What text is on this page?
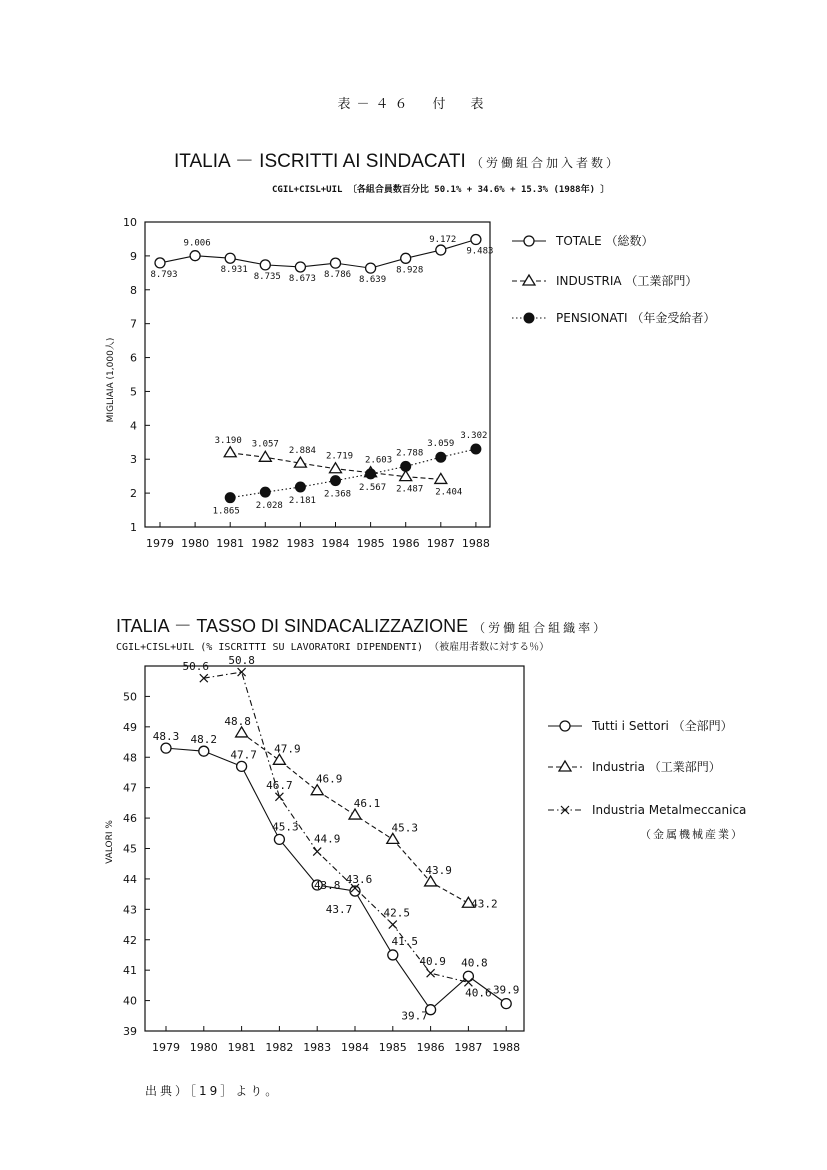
表－４６　付　表
ITALIA － ISCRITTI AI SINDACATI （労働組合加入者数）
CGIL+CISL+UIL 〔各組合員数百分比 50.1% + 34.6% + 15.3% (1988年) 〕
ITALIA － TASSO DI SINDACALIZZAZIONE （労働組合組織率）
CGIL+CISL+UIL (% ISCRITTI SU LAVORATORI DIPENDENTI) （被雇用者数に対する％）
1
2
3
4
5
6
7
8
9
10
1979 1980 1981 1982 1983 1984 1985 1986 1987 1988
MIGLIAIA (1,000人)
8.793
9.006
8.931
8.735 8.673 8.786 8.639
8.928
9.172
9.483
3.190 3.057
2.884
2.719 2.603
2.487 2.404
1.865
2.028
2.181
2.368
2.567
2.788
3.059
3.302
TOTALE （総数）
INDUSTRIA （工業部門）
PENSIONATI （年金受給者）
39
40
41
42
43
44
45
46
47
48
49
50
1979 1980 1981 1982 1983 1984 1985 1986 1987 1988
VALORI %
48.3 48.2
47.7
45.3
43.8 43.6
41.5
39.7
40.8
39.9
48.8
47.9
46.9
46.1
45.3
43.9
43.2
50.6 50.8
46.7
44.9
43.7	42.5
40.9
40.6
Tutti i Settori （全部門）
Industria （工業部門）
Industria Metalmeccanica
（金属機械産業）
出典）［19］より。
